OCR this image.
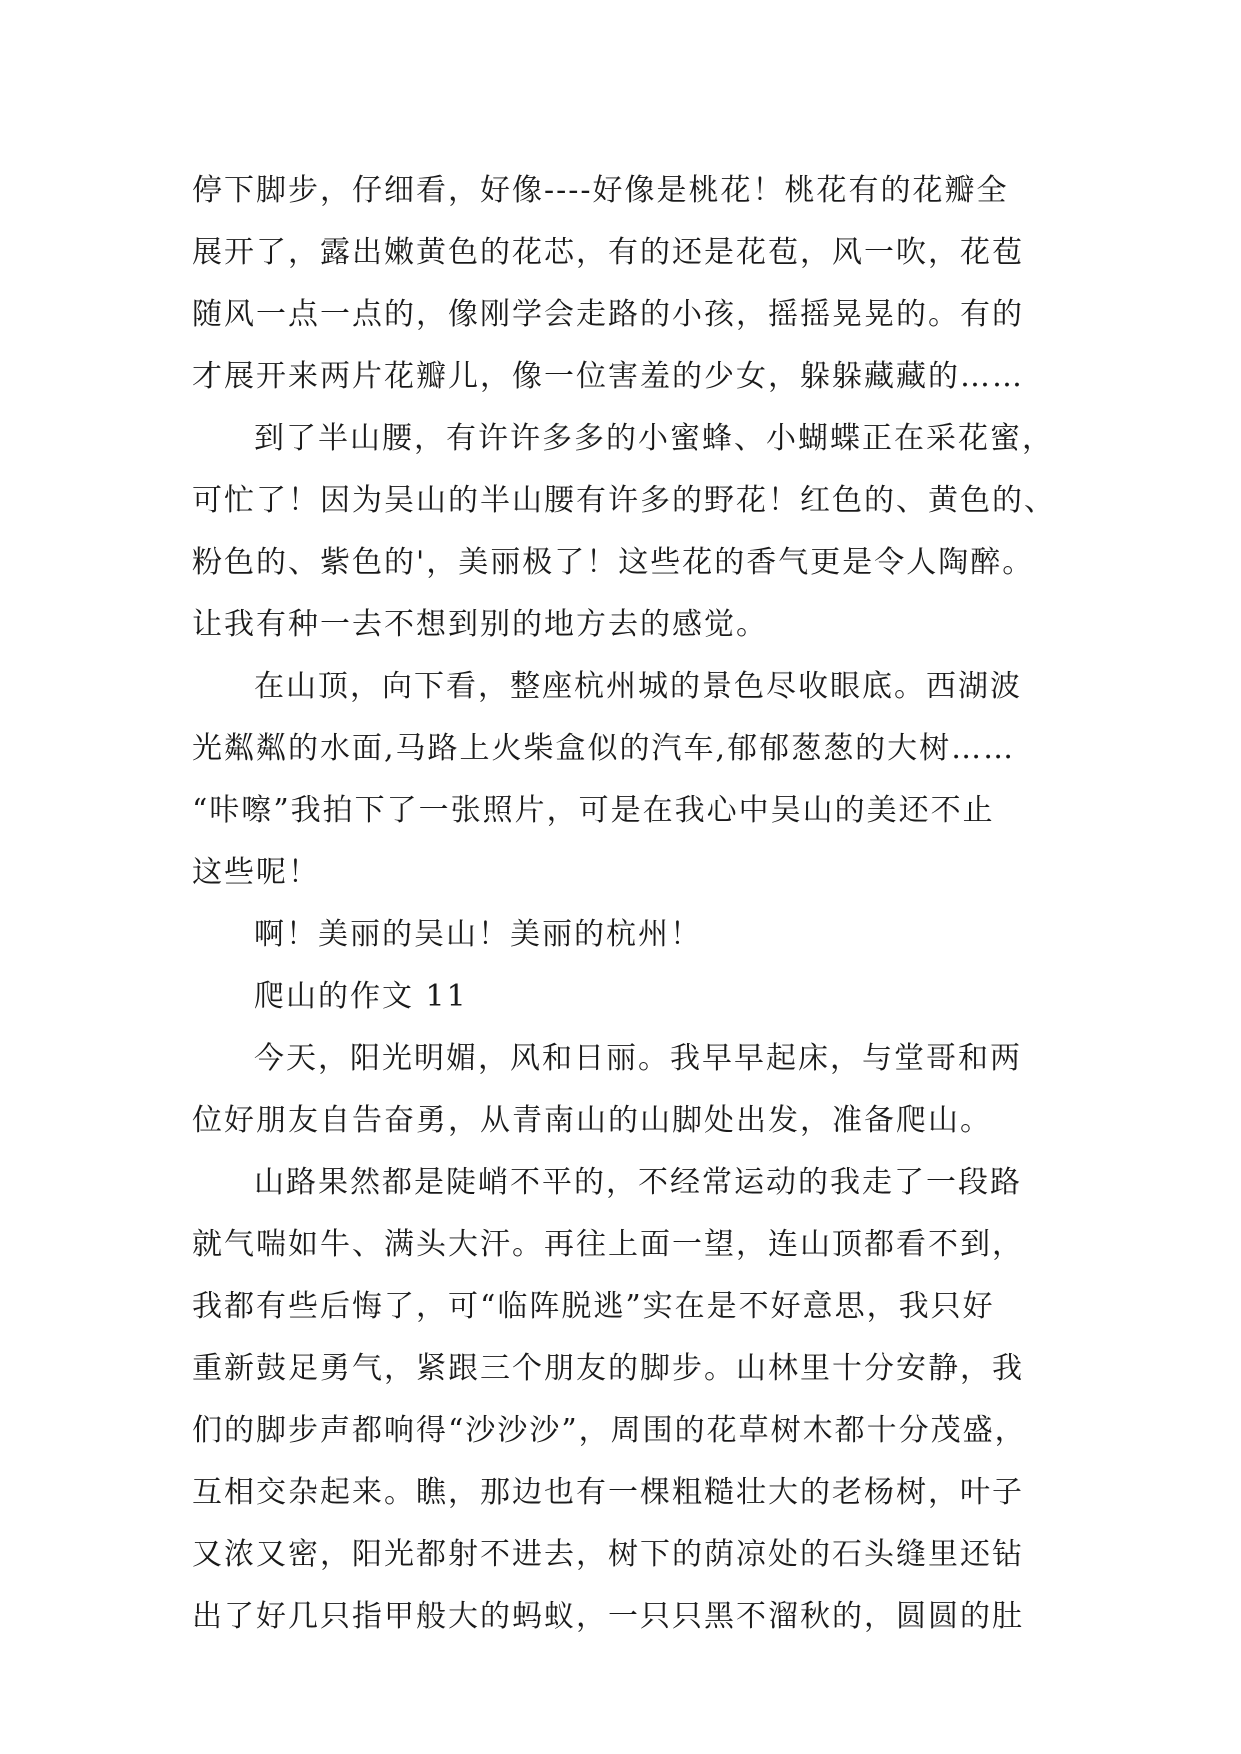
停下脚步，仔细看，好像----好像是桃花！桃花有的花瓣全
展开了，露出嫩黄色的花芯，有的还是花苞，风一吹，花苞
随风一点一点的，像刚学会走路的小孩，摇摇晃晃的。有的
才展开来两片花瓣儿，像一位害羞的少女，躲躲藏藏的……
到了半山腰，有许许多多的小蜜蜂、小蝴蝶正在采花蜜，
可忙了！因为吴山的半山腰有许多的野花！红色的、黄色的、
粉色的、紫色的'，美丽极了！这些花的香气更是令人陶醉。
让我有种一去不想到别的地方去的感觉。
在山顶，向下看，整座杭州城的景色尽收眼底。西湖波
光粼粼的水面,马路上火柴盒似的汽车,郁郁葱葱的大树……
“咔嚓”我拍下了一张照片，可是在我心中吴山的美还不止
这些呢！
啊！美丽的吴山！美丽的杭州！
爬山的作文 11
今天，阳光明媚，风和日丽。我早早起床，与堂哥和两
位好朋友自告奋勇，从青南山的山脚处出发，准备爬山。
山路果然都是陡峭不平的，不经常运动的我走了一段路
就气喘如牛、满头大汗。再往上面一望，连山顶都看不到，
我都有些后悔了，可“临阵脱逃”实在是不好意思，我只好
重新鼓足勇气，紧跟三个朋友的脚步。山林里十分安静，我
们的脚步声都响得“沙沙沙”，周围的花草树木都十分茂盛，
互相交杂起来。瞧，那边也有一棵粗糙壮大的老杨树，叶子
又浓又密，阳光都射不进去，树下的荫凉处的石头缝里还钻
出了好几只指甲般大的蚂蚁，一只只黑不溜秋的，圆圆的肚
